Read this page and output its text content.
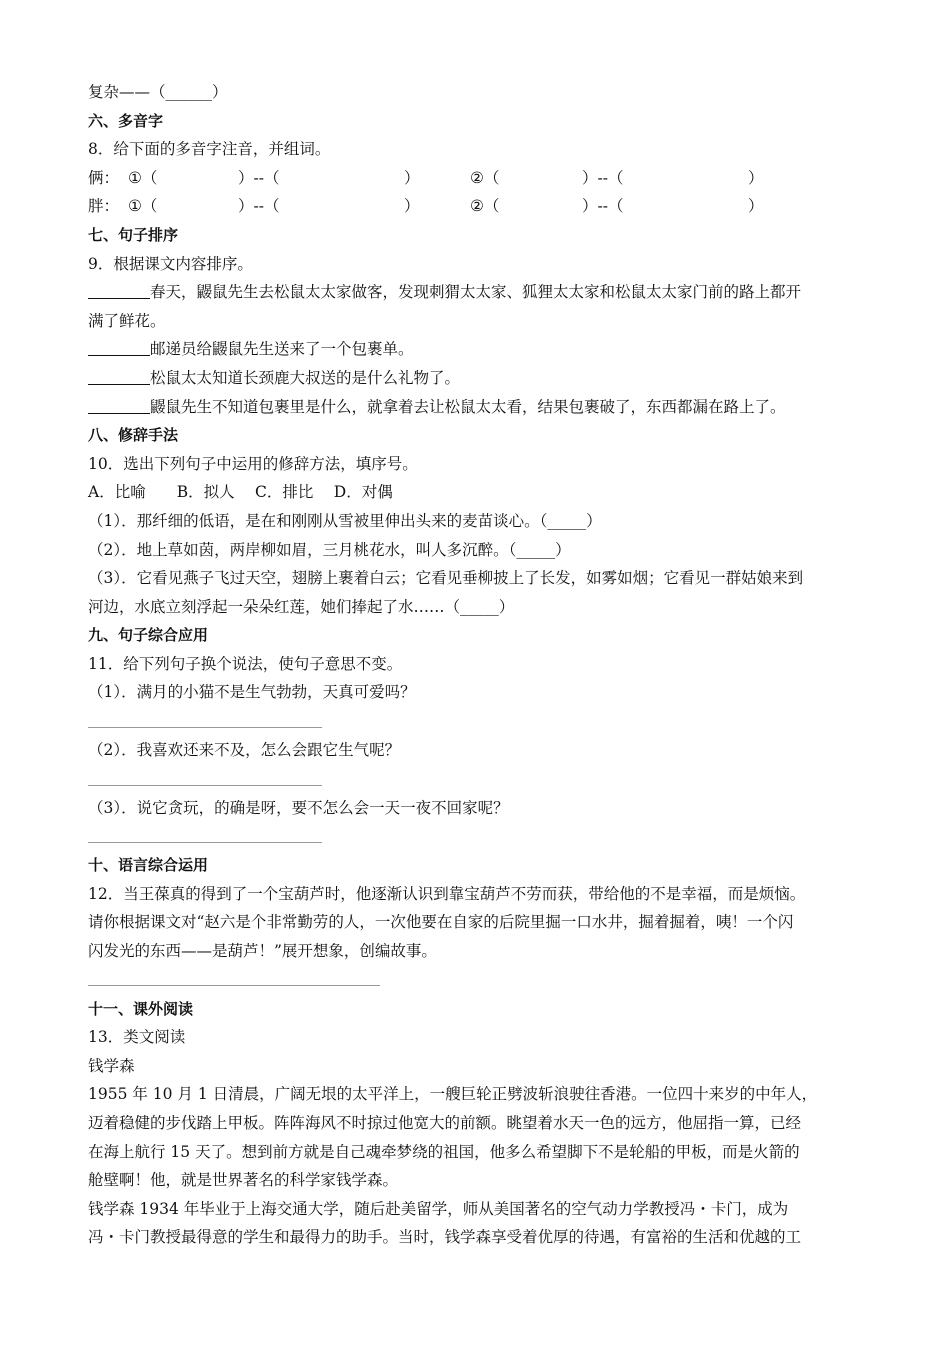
复杂——（______）
六、多音字
8．给下面的多音字注音，并组词。
俩： ①（	）--（	）	②（	）--（	）
胖： ①（	）--（	）	②（	）--（	）
七、句子排序
9．根据课文内容排序。
春天，鼹鼠先生去松鼠太太家做客，发现刺猬太太家、狐狸太太家和松鼠太太家门前的路上都开
满了鲜花。
邮递员给鼹鼠先生送来了一个包裹单。
松鼠太太知道长颈鹿大叔送的是什么礼物了。
鼹鼠先生不知道包裹里是什么，就拿着去让松鼠太太看，结果包裹破了，东西都漏在路上了。
八、修辞手法
10．选出下列句子中运用的修辞方法，填序号。
A．比喻　　B．拟人　 C．排比　 D．对偶
（1）．那纤细的低语，是在和刚刚从雪被里伸出头来的麦苗谈心。（_____）
（2）．地上草如茵，两岸柳如眉，三月桃花水，叫人多沉醉。（_____）
（3）．它看见燕子飞过天空，翅膀上裹着白云；它看见垂柳披上了长发，如雾如烟；它看见一群姑娘来到
河边，水底立刻浮起一朵朵红莲，她们捧起了水……（_____）
九、句子综合应用
11．给下列句子换个说法，使句子意思不变。
（1）．满月的小猫不是生气勃勃，天真可爱吗？
（2）．我喜欢还来不及，怎么会跟它生气呢？
（3）．说它贪玩，的确是呀，要不怎么会一天一夜不回家呢？
十、语言综合运用
12．当王葆真的得到了一个宝葫芦时，他逐渐认识到靠宝葫芦不劳而获，带给他的不是幸福，而是烦恼。
请你根据课文对“赵六是个非常勤劳的人，一次他要在自家的后院里掘一口水井，掘着掘着，咦！一个闪
闪发光的东西——是葫芦！”展开想象，创编故事。
十一、课外阅读
13．类文阅读
钱学森
1955 年 10 月 1 日清晨，广阔无垠的太平洋上，一艘巨轮正劈波斩浪驶往香港。一位四十来岁的中年人，
迈着稳健的步伐踏上甲板。阵阵海风不时掠过他宽大的前额。眺望着水天一色的远方，他屈指一算，已经
在海上航行 15 天了。想到前方就是自己魂牵梦绕的祖国，他多么希望脚下不是轮船的甲板，而是火箭的
舱壁啊！他，就是世界著名的科学家钱学森。
钱学森 1934 年毕业于上海交通大学，随后赴美留学，师从美国著名的空气动力学教授冯・卡门，成为
冯・卡门教授最得意的学生和最得力的助手。当时，钱学森享受着优厚的待遇，有富裕的生活和优越的工
